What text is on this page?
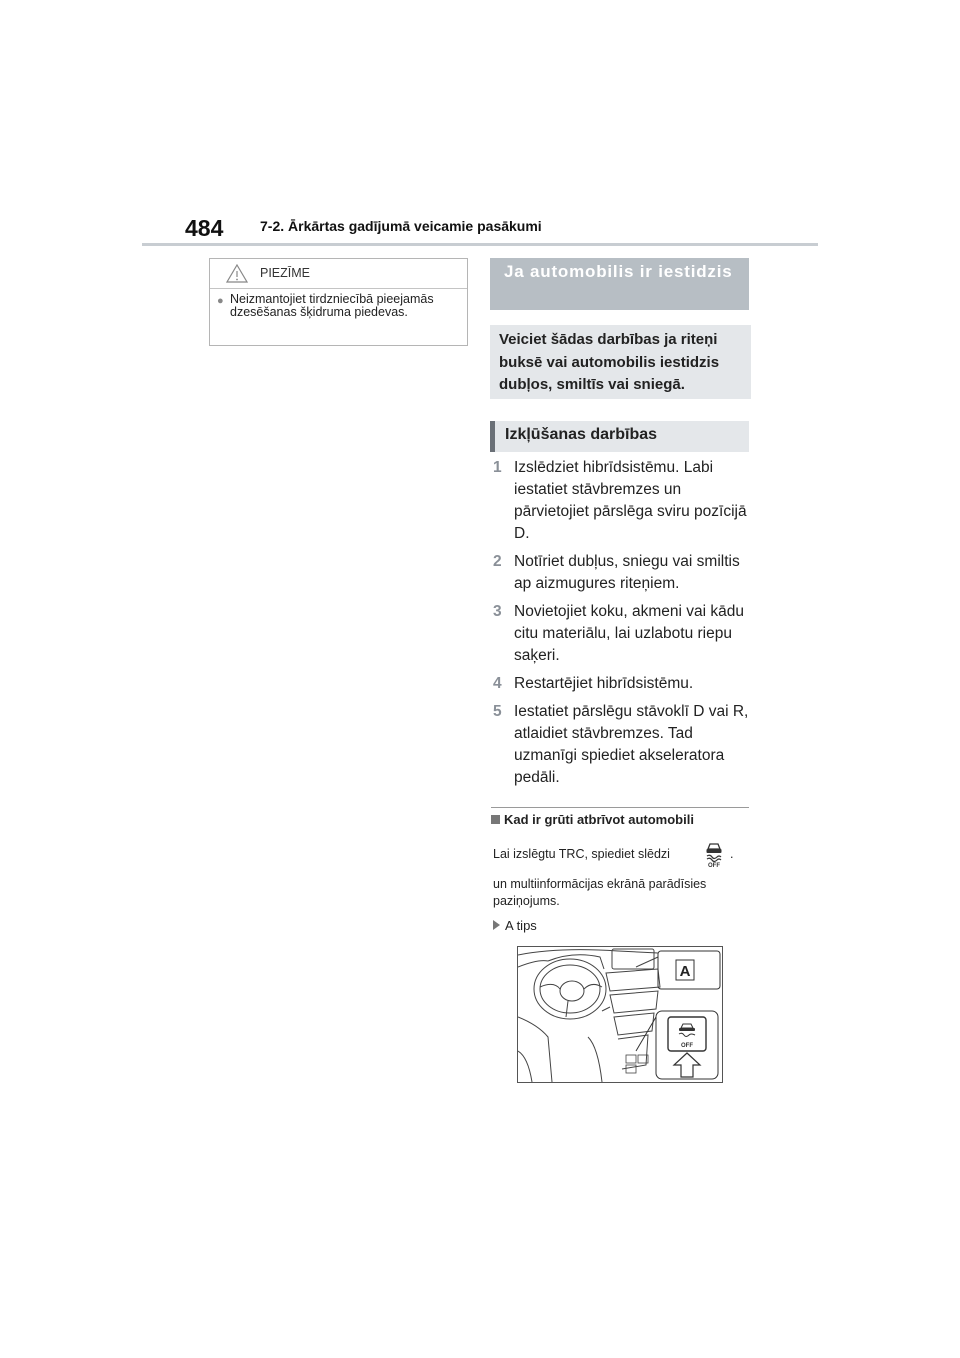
484	7-2. Ārkārtas gadījumā veicamie pasākumi
PIEZĪME
● Neizmantojiet tirdzniecībā pieejamās dzesēšanas šķidruma piedevas.
Ja automobilis ir iestidzis
Veiciet šādas darbības ja riteņi buksē vai automobilis iestidzis dubļos, smiltīs vai sniegā.
Izkļūšanas darbības
1 Izslēdziet hibrīdsistēmu. Labi iestatiet stāvbremzes un pārvietojiet pārslēga sviru pozīcijā D.
2 Notīriet dubļus, sniegu vai smiltis ap aizmugures riteņiem.
3 Novietojiet koku, akmeni vai kādu citu materiālu, lai uzlabotu riepu saķeri.
4 Restartējiet hibrīdsistēmu.
5 Iestatiet pārslēgu stāvoklī D vai R, atlaidiet stāvbremzes. Tad uzmanīgi spiediet akseleratora pedāli.
Kad ir grūti atbrīvot automobili
Lai izslēgtu TRC, spiediet slēdzi
OFF
.
un multiinformācijas ekrānā parādīsies paziņojums.
A tips
A
OFF
